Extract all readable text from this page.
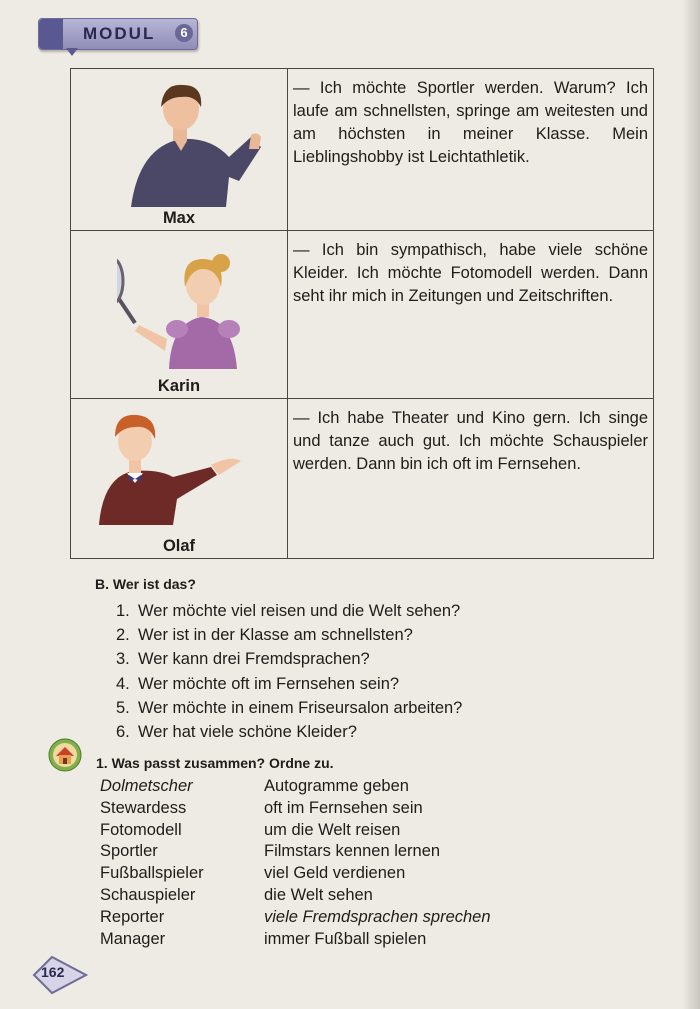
MODUL	6
Max	— Ich möchte Sportler werden. Warum? Ich laufe am schnellsten, springe am weitesten und am höchsten in meiner Klasse. Mein Lieblingshobby ist Leichtathletik.

Karin	— Ich bin sympathisch, habe viele schöne Kleider. Ich möchte Fotomodell werden. Dann seht ihr mich in Zeitungen und Zeitschriften.

Olaf	— Ich habe Theater und Kino gern. Ich singe und tanze auch gut. Ich möchte Schauspieler werden. Dann bin ich oft im Fernsehen.
B. Wer ist das?
1. Wer möchte viel reisen und die Welt sehen?
2. Wer ist in der Klasse am schnellsten?
3. Wer kann drei Fremdsprachen?
4. Wer möchte oft im Fernsehen sein?
5. Wer möchte in einem Friseursalon arbeiten?
6. Wer hat viele schöne Kleider?
1. Was passt zusammen? Ordne zu.
Dolmetscher	Autogramme geben
Stewardess	oft im Fernsehen sein
Fotomodell	um die Welt reisen
Sportler	Filmstars kennen lernen
Fußballspieler	viel Geld verdienen
Schauspieler	die Welt sehen
Reporter	viele Fremdsprachen sprechen
Manager	immer Fußball spielen
162
